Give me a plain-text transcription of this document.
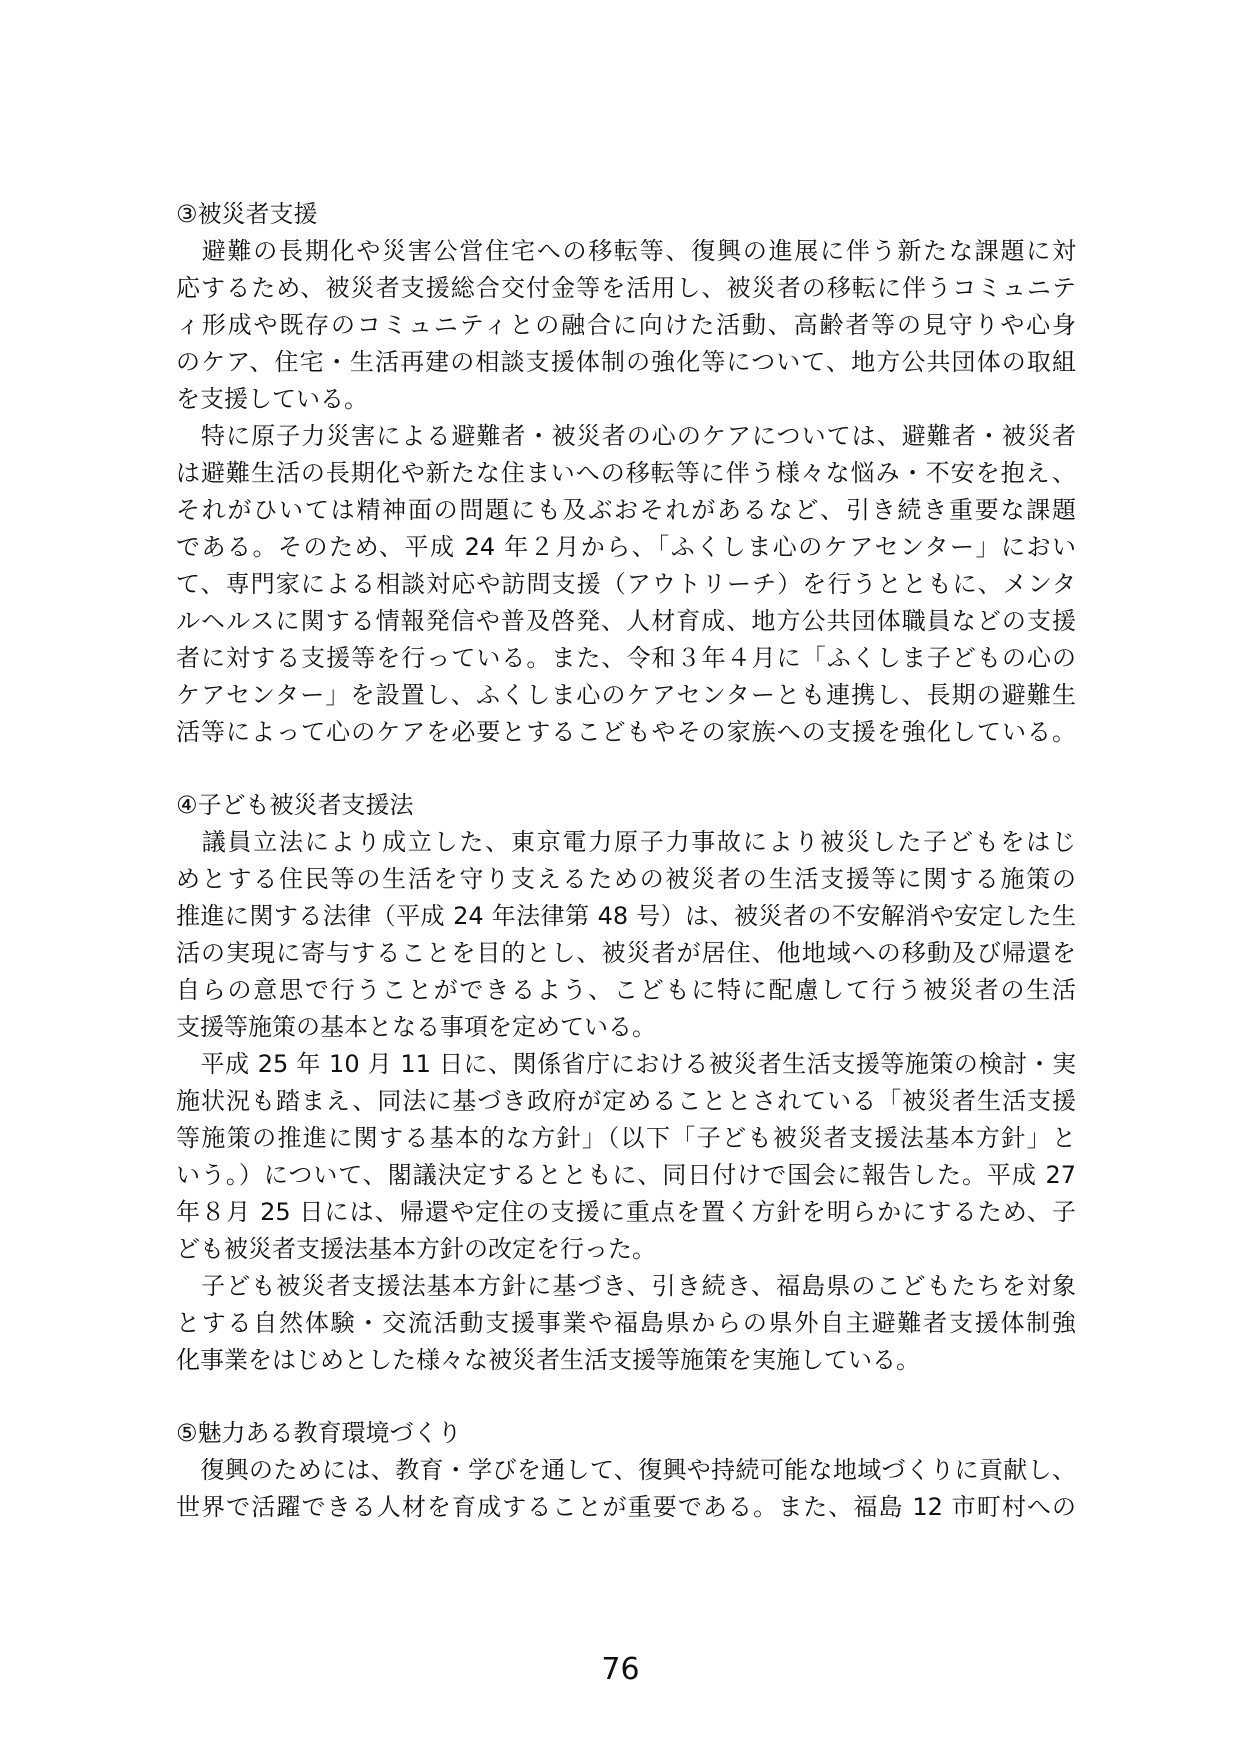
③被災者支援
　避難の長期化や災害公営住宅への移転等、復興の進展に伴う新たな課題に対
応するため、被災者支援総合交付金等を活用し、被災者の移転に伴うコミュニテ
ィ形成や既存のコミュニティとの融合に向けた活動、高齢者等の見守りや心身
のケア、住宅・生活再建の相談支援体制の強化等について、地方公共団体の取組
を支援している。
　特に原子力災害による避難者・被災者の心のケアについては、避難者・被災者
は避難生活の長期化や新たな住まいへの移転等に伴う様々な悩み・不安を抱え、
それがひいては精神面の問題にも及ぶおそれがあるなど、引き続き重要な課題
である。そのため、平成 24 年２月から、「ふくしま心のケアセンター」におい
て、専門家による相談対応や訪問支援（アウトリーチ）を行うとともに、メンタ
ルヘルスに関する情報発信や普及啓発、人材育成、地方公共団体職員などの支援
者に対する支援等を行っている。また、令和３年４月に「ふくしま子どもの心の
ケアセンター」を設置し、ふくしま心のケアセンターとも連携し、長期の避難生
活等によって心のケアを必要とするこどもやその家族への支援を強化している。
④子ども被災者支援法
　議員立法により成立した、東京電力原子力事故により被災した子どもをはじ
めとする住民等の生活を守り支えるための被災者の生活支援等に関する施策の
推進に関する法律（平成 24 年法律第 48 号）は、被災者の不安解消や安定した生
活の実現に寄与することを目的とし、被災者が居住、他地域への移動及び帰還を
自らの意思で行うことができるよう、こどもに特に配慮して行う被災者の生活
支援等施策の基本となる事項を定めている。
　平成 25 年 10 月 11 日に、関係省庁における被災者生活支援等施策の検討・実
施状況も踏まえ、同法に基づき政府が定めることとされている「被災者生活支援
等施策の推進に関する基本的な方針」（以下「子ども被災者支援法基本方針」と
いう。）について、閣議決定するとともに、同日付けで国会に報告した。平成 27
年８月 25 日には、帰還や定住の支援に重点を置く方針を明らかにするため、子
ども被災者支援法基本方針の改定を行った。
　子ども被災者支援法基本方針に基づき、引き続き、福島県のこどもたちを対象
とする自然体験・交流活動支援事業や福島県からの県外自主避難者支援体制強
化事業をはじめとした様々な被災者生活支援等施策を実施している。
⑤魅力ある教育環境づくり
　復興のためには、教育・学びを通して、復興や持続可能な地域づくりに貢献し、
世界で活躍できる人材を育成することが重要である。また、福島 12 市町村への
76
